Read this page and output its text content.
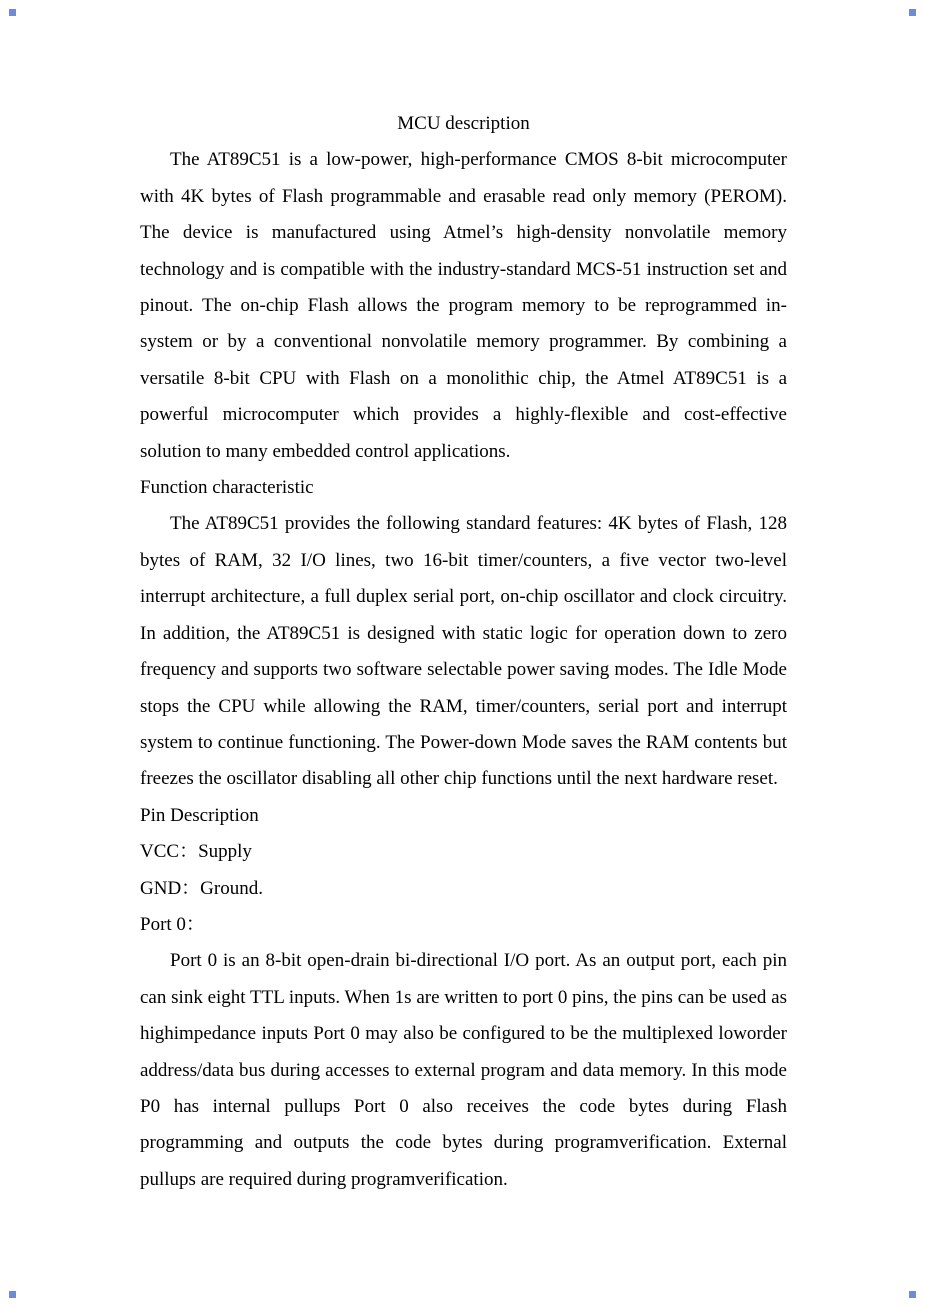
MCU description

The AT89C51 is a low-power, high-performance CMOS 8-bit microcomputer with 4K bytes of Flash programmable and erasable read only memory (PEROM). The device is manufactured using Atmel’s high-density nonvolatile memory technology and is compatible with the industry-standard MCS-51 instruction set and pinout. The on-chip Flash allows the program memory to be reprogrammed in-system or by a conventional nonvolatile memory programmer. By combining a versatile 8-bit CPU with Flash on a monolithic chip, the Atmel AT89C51 is a powerful microcomputer which provides a highly-flexible and cost-effective solution to many embedded control applications.

Function characteristic

The AT89C51 provides the following standard features: 4K bytes of Flash, 128 bytes of RAM, 32 I/O lines, two 16-bit timer/counters, a five vector two-level interrupt architecture, a full duplex serial port, on-chip oscillator and clock circuitry. In addition, the AT89C51 is designed with static logic for operation down to zero frequency and supports two software selectable power saving modes. The Idle Mode stops the CPU while allowing the RAM, timer/counters, serial port and interrupt system to continue functioning. The Power-down Mode saves the RAM contents but freezes the oscillator disabling all other chip functions until the next hardware reset.

Pin Description

VCC：Supply

GND：Ground.

Port 0：

Port 0 is an 8-bit open-drain bi-directional I/O port. As an output port, each pin can sink eight TTL inputs. When 1s are written to port 0 pins, the pins can be used as highimpedance inputs Port 0 may also be configured to be the multiplexed loworder address/data bus during accesses to external program and data memory. In this mode P0 has internal pullups Port 0 also receives the code bytes during Flash programming and outputs the code bytes during programverification. External pullups are required during programverification.
